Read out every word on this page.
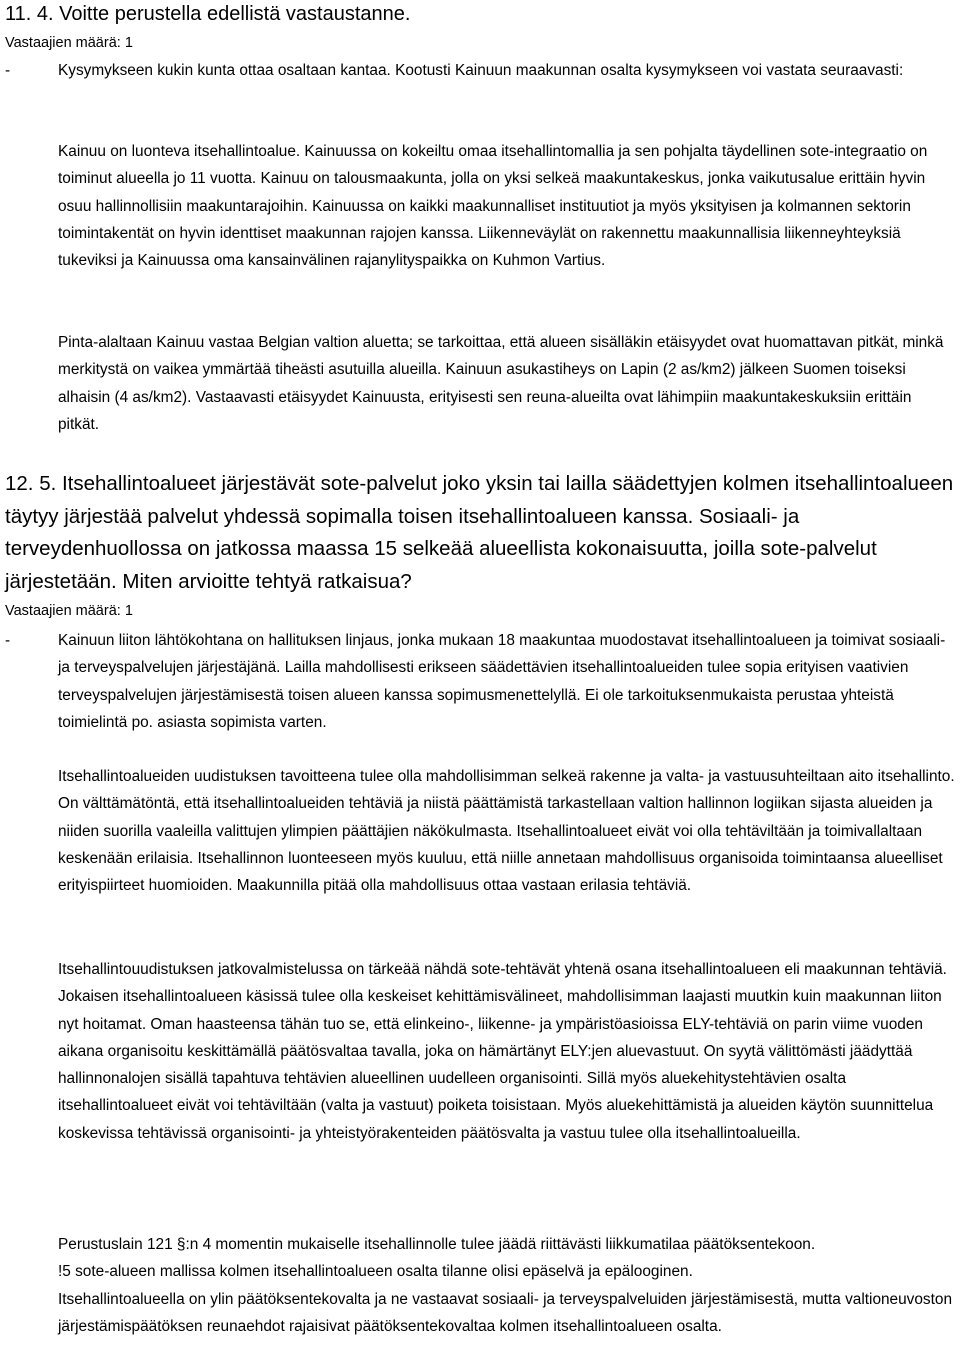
11. 4. Voitte perustella edellistä vastaustanne.
Vastaajien määrä: 1
-	Kysymykseen kukin kunta ottaa osaltaan kantaa. Kootusti Kainuun maakunnan osalta kysymykseen voi vastata seuraavasti:

Kainuu on luonteva itsehallintoalue. Kainuussa on kokeiltu omaa itsehallintomallia ja sen pohjalta täydellinen sote-integraatio on toiminut alueella jo 11 vuotta. Kainuu on talousmaakunta, jolla on yksi selkeä maakuntakeskus, jonka vaikutusalue erittäin hyvin osuu hallinnollisiin maakuntarajoihin. Kainuussa on kaikki maakunnalliset instituutiot ja myös yksityisen ja kolmannen sektorin toimintakentät on hyvin identtiset maakunnan rajojen kanssa. Liikenneväylät on rakennettu maakunnallisia liikenneyhteyksiä tukeviksi ja Kainuussa oma kansainvälinen rajanylityspaikka on Kuhmon Vartius.

Pinta-alaltaan Kainuu vastaa Belgian valtion aluetta; se tarkoittaa, että alueen sisälläkin etäisyydet ovat huomattavan pitkät, minkä merkitystä on vaikea ymmärtää tiheästi asutuilla alueilla. Kainuun asukastiheys on Lapin (2 as/km2) jälkeen Suomen toiseksi alhaisin (4 as/km2). Vastaavasti etäisyydet Kainuusta, erityisesti sen reuna-alueilta ovat lähimpiin maakuntakeskuksiin erittäin pitkät.

12. 5. Itsehallintoalueet järjestävät sote-palvelut joko yksin tai lailla säädettyjen kolmen itsehallintoalueen täytyy järjestää palvelut yhdessä sopimalla toisen itsehallintoalueen kanssa. Sosiaali- ja terveydenhuollossa on jatkossa maassa 15 selkeää alueellista kokonaisuutta, joilla sote-palvelut järjestetään. Miten arvioitte tehtyä ratkaisua?
Vastaajien määrä: 1
-	Kainuun liiton lähtökohtana on hallituksen linjaus, jonka mukaan 18 maakuntaa muodostavat itsehallintoalueen ja toimivat sosiaali- ja terveyspalvelujen järjestäjänä. Lailla mahdollisesti erikseen säädettävien itsehallintoalueiden tulee sopia erityisen vaativien terveyspalvelujen järjestämisestä toisen alueen kanssa sopimusmenettelyllä. Ei ole tarkoituksenmukaista perustaa yhteistä toimielintä po. asiasta sopimista varten.

Itsehallintoalueiden uudistuksen tavoitteena tulee olla mahdollisimman selkeä rakenne ja valta- ja vastuusuhteiltaan aito itsehallinto. On välttämätöntä, että itsehallintoalueiden tehtäviä ja niistä päättämistä tarkastellaan valtion hallinnon logiikan sijasta alueiden ja niiden suorilla vaaleilla valittujen ylimpien päättäjien näkökulmasta. Itsehallintoalueet eivät voi olla tehtäviltään ja toimivallaltaan keskenään erilaisia. Itsehallinnon luonteeseen myös kuuluu, että niille annetaan mahdollisuus organisoida toimintaansa alueelliset erityispiirteet huomioiden. Maakunnilla pitää olla mahdollisuus ottaa vastaan erilasia tehtäviä.

Itsehallintouudistuksen jatkovalmistelussa on tärkeää nähdä sote-tehtävät yhtenä osana itsehallintoalueen eli maakunnan tehtäviä. Jokaisen itsehallintoalueen käsissä tulee olla keskeiset kehittämisvälineet, mahdollisimman laajasti muutkin kuin maakunnan liiton nyt hoitamat. Oman haasteensa tähän tuo se, että elinkeino-, liikenne- ja ympäristöasioissa ELY-tehtäviä on parin viime vuoden aikana organisoitu keskittämällä päätösvaltaa tavalla, joka on hämärtänyt ELY:jen aluevastuut. On syytä välittömästi jäädyttää hallinnonalojen sisällä tapahtuva tehtävien alueellinen uudelleen organisointi. Sillä myös aluekehitystehtävien osalta itsehallintoalueet eivät voi tehtäviltään (valta ja vastuut) poiketa toisistaan. Myös aluekehittämistä ja alueiden käytön suunnittelua koskevissa tehtävissä organisointi- ja yhteistyörakenteiden päätösvalta ja vastuu tulee olla itsehallintoalueilla.

Perustuslain 121 §:n 4 momentin mukaiselle itsehallinnolle tulee jäädä riittävästi liikkumatilaa päätöksentekoon.

!5 sote-alueen mallissa kolmen itsehallintoalueen osalta tilanne olisi epäselvä ja epälooginen.

Itsehallintoalueella on ylin päätöksentekovalta ja ne vastaavat sosiaali- ja terveyspalveluiden järjestämisestä, mutta valtioneuvoston järjestämispäätöksen reunaehdot rajaisivat päätöksentekovaltaa kolmen itsehallintoalueen osalta.
